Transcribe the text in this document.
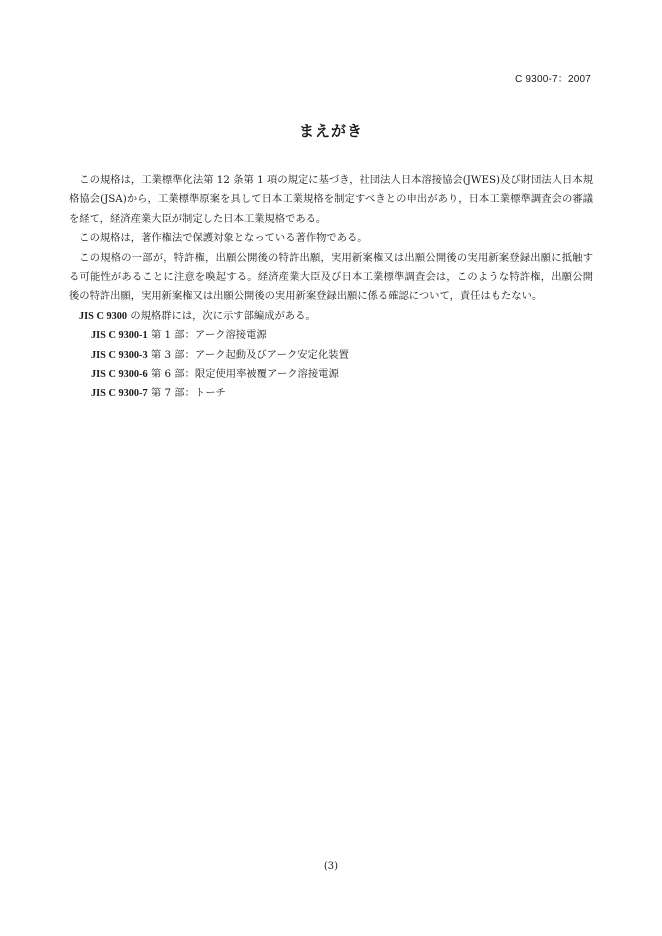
C 9300-7：2007
まえがき

この規格は，工業標準化法第 12 条第 1 項の規定に基づき，社団法人日本溶接協会(JWES)及び財団法人日本規格協会(JSA)から，工業標準原案を具して日本工業規格を制定すべきとの申出があり，日本工業標準調査会の審議を経て，経済産業大臣が制定した日本工業規格である。

この規格は，著作権法で保護対象となっている著作物である。

この規格の一部が，特許権，出願公開後の特許出願，実用新案権又は出願公開後の実用新案登録出願に抵触する可能性があることに注意を喚起する。経済産業大臣及び日本工業標準調査会は，このような特許権，出願公開後の特許出願，実用新案権又は出願公開後の実用新案登録出願に係る確認について，責任はもたない。

JIS C 9300 の規格群には，次に示す部編成がある。
JIS C 9300-1 第 1 部：アーク溶接電源
JIS C 9300-3 第 3 部：アーク起動及びアーク安定化装置
JIS C 9300-6 第 6 部：限定使用率被覆アーク溶接電源
JIS C 9300-7 第 7 部：トーチ
(3)
